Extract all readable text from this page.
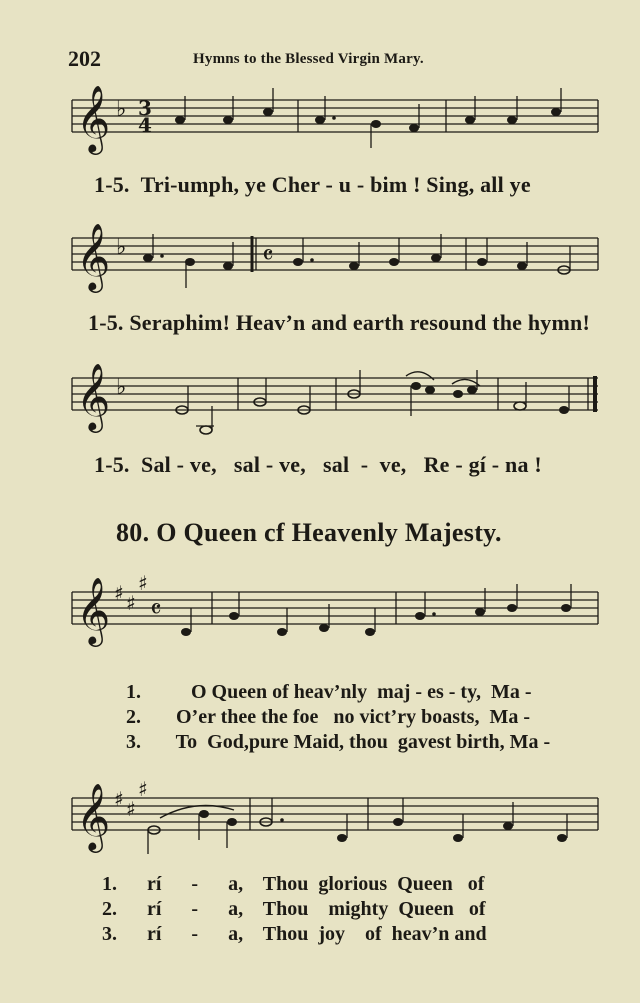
202	Hymns to the Blessed Virgin Mary.
𝄞
𝄞
𝄞
𝄞
𝄞
♭
♭
♭
♯ ♯
♯
♯ ♯
♯
3
4
𝄴
𝄴
1-5.  Tri-umph, ye Cher - u - bim ! Sing, all ye
1-5. Seraphim! Heav’n and earth resound the hymn!
1-5.  Sal - ve,   sal - ve,   sal  -  ve,   Re - gí - na !
80. O Queen cf Heavenly Majesty.

1.     O Queen of heav’nly  maj - es - ty,  Ma -

2.  O’er thee the foe   no vict’ry boasts,  Ma -

3.  To  God,pure Maid, thou  gavest birth, Ma -

1. rí      -      a,    Thou  glorious  Queen   of

2. rí      -      a,    Thou    mighty  Queen   of

3. rí      -      a,    Thou  joy    of  heav’n and
